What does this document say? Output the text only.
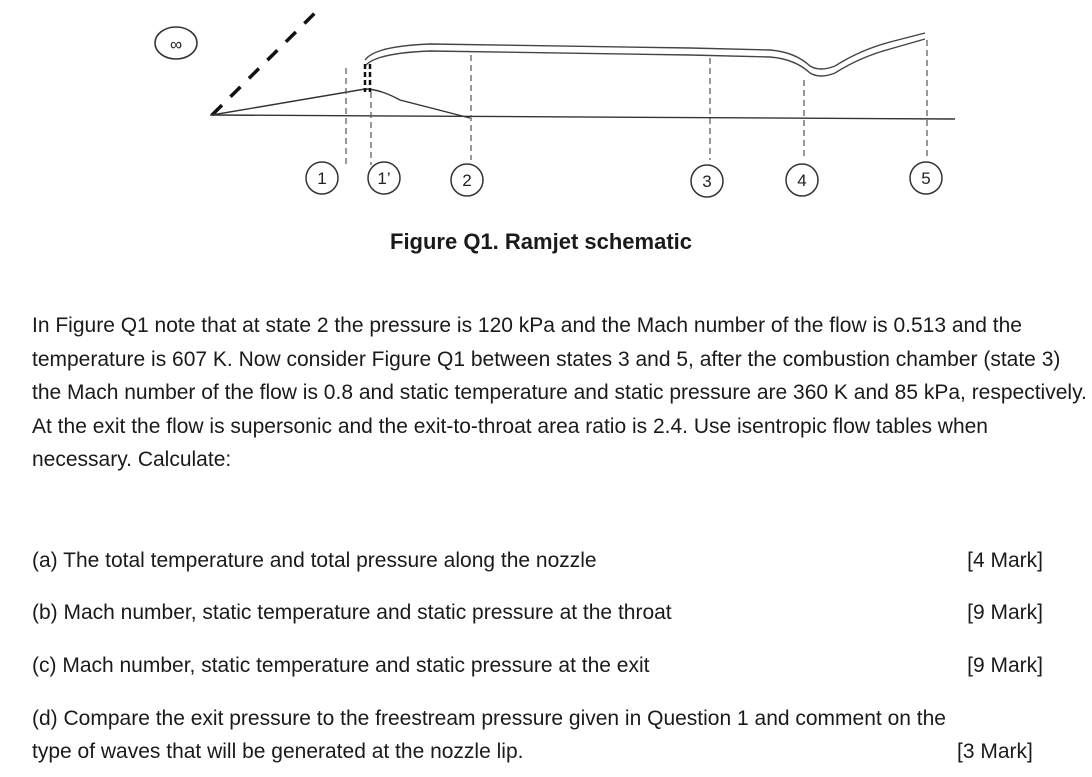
∞
1	1’	2	3	4	5
Figure Q1. Ramjet schematic

In Figure Q1 note that at state 2 the pressure is 120 kPa and the Mach number of the flow is 0.513 and the temperature is 607 K. Now consider Figure Q1 between states 3 and 5, after the combustion chamber (state 3) the Mach number of the flow is 0.8 and static temperature and static pressure are 360 K and 85 kPa, respectively. At the exit the flow is supersonic and the exit-to-throat area ratio is 2.4. Use isentropic flow tables when necessary. Calculate:

(a) The total temperature and total pressure along the nozzle	[4 Mark]
(b) Mach number, static temperature and static pressure at the throat	[9 Mark]
(c) Mach number, static temperature and static pressure at the exit	[9 Mark]
(d) Compare the exit pressure to the freestream pressure given in Question 1 and comment on the
type of waves that will be generated at the nozzle lip.	[3 Mark]
